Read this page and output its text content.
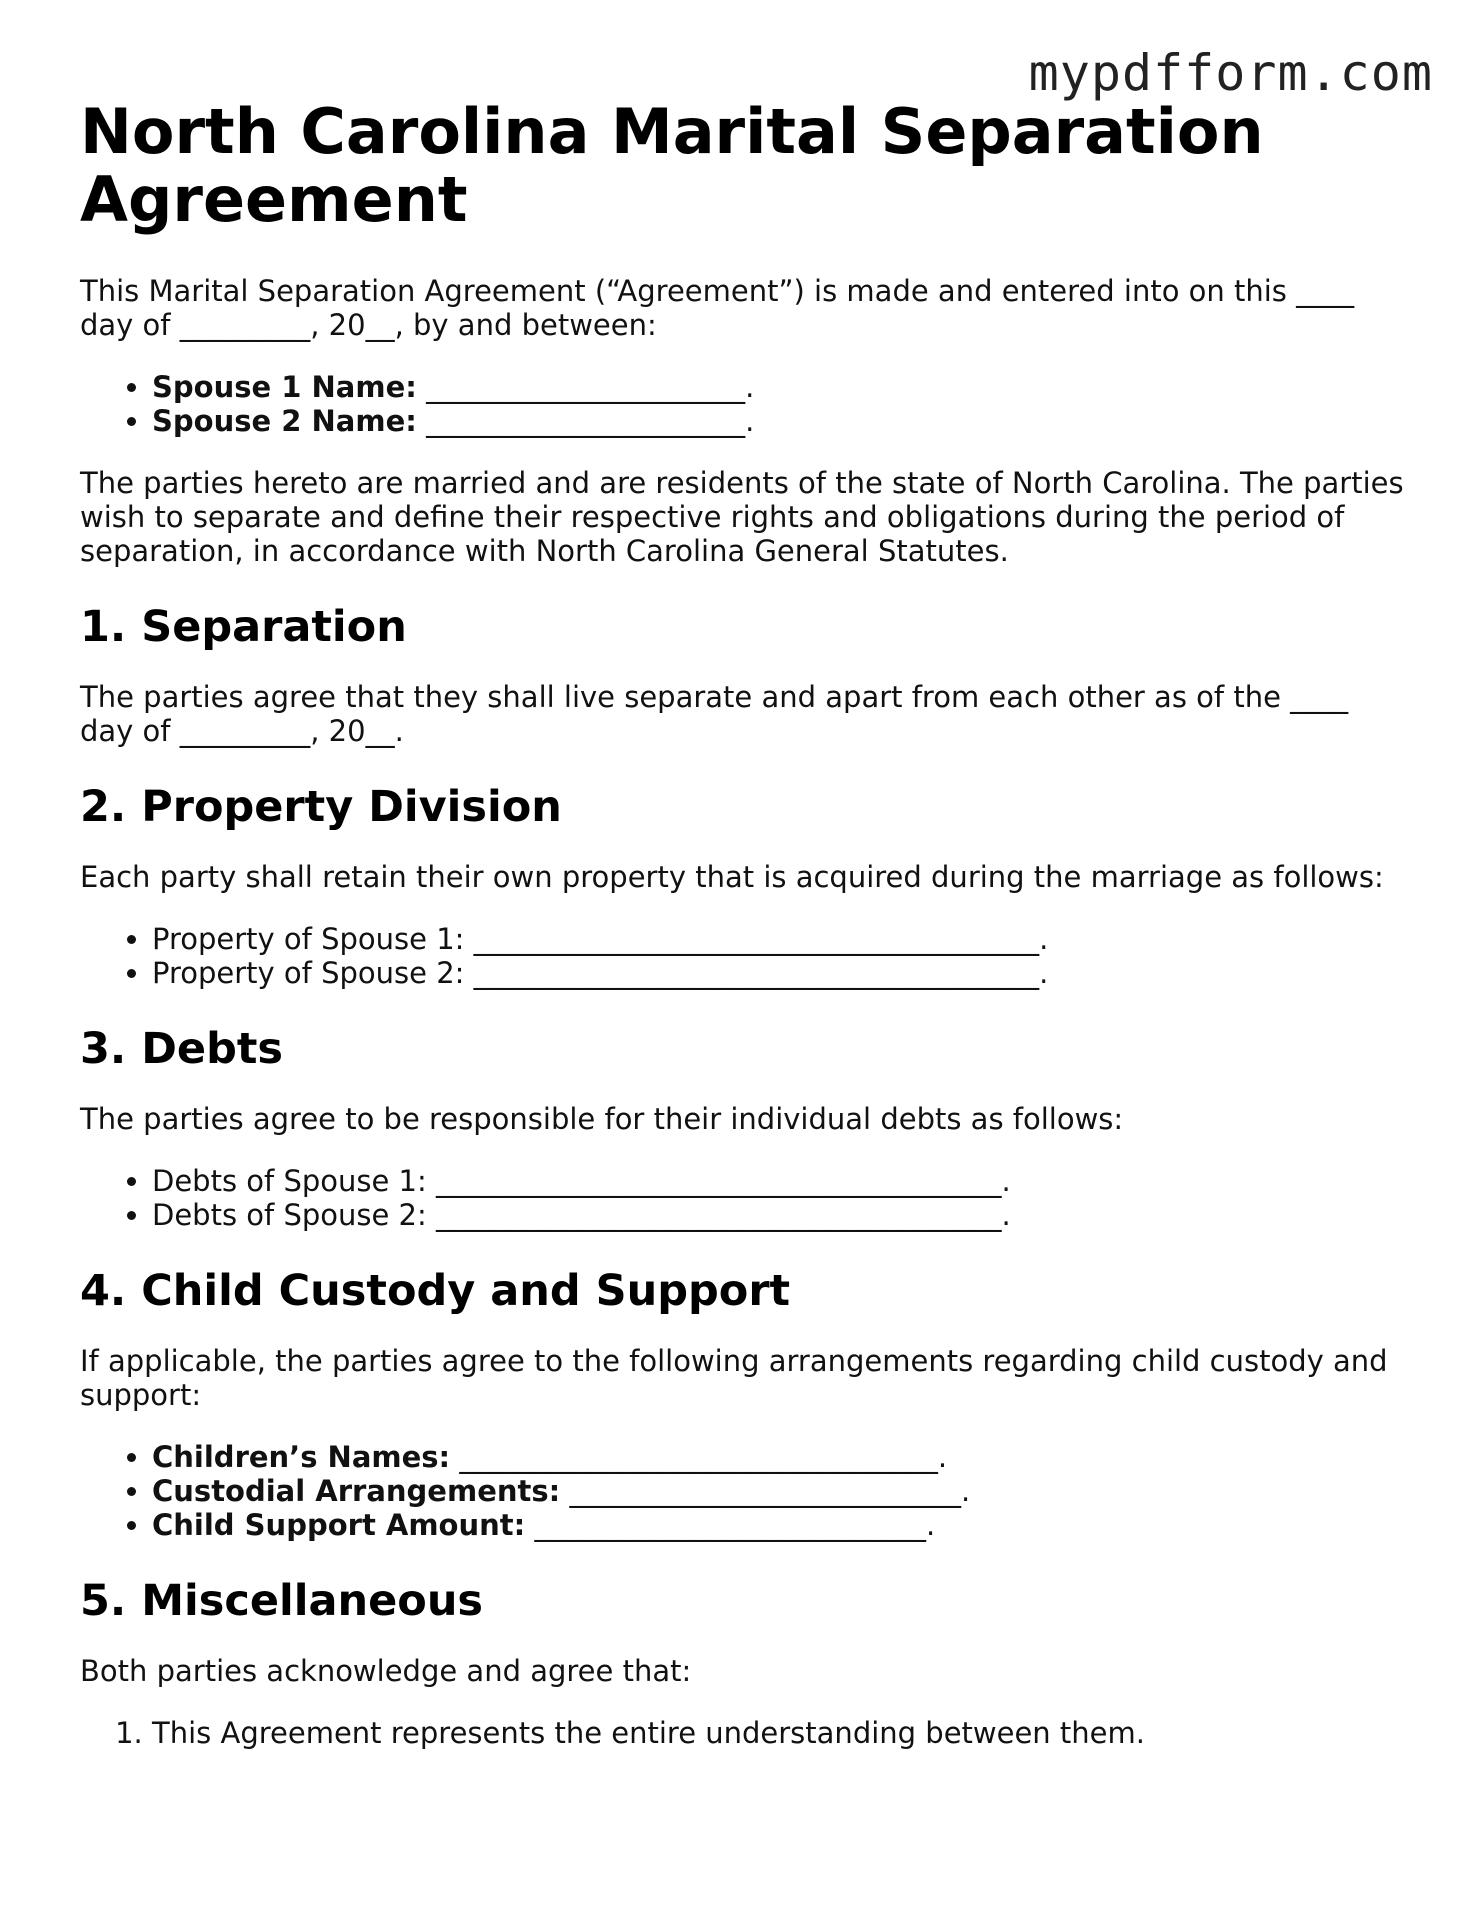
mypdfform.com
North Carolina Marital Separation Agreement

This Marital Separation Agreement (“Agreement”) is made and entered into on this ____ day of _________, 20__, by and between:

• Spouse 1 Name: ______________________.
• Spouse 2 Name: ______________________.

The parties hereto are married and are residents of the state of North Carolina. The parties wish to separate and define their respective rights and obligations during the period of separation, in accordance with North Carolina General Statutes.

1. Separation

The parties agree that they shall live separate and apart from each other as of the ____ day of _________, 20__.

2. Property Division

Each party shall retain their own property that is acquired during the marriage as follows:

• Property of Spouse 1: _______________________________________.
• Property of Spouse 2: _______________________________________.
3. Debts

The parties agree to be responsible for their individual debts as follows:

• Debts of Spouse 1: _______________________________________.
• Debts of Spouse 2: _______________________________________.
4. Child Custody and Support

If applicable, the parties agree to the following arrangements regarding child custody and support:

• Children’s Names: _________________________________.
• Custodial Arrangements: ___________________________.
• Child Support Amount: ___________________________.
5. Miscellaneous

Both parties acknowledge and agree that:

1. This Agreement represents the entire understanding between them.
